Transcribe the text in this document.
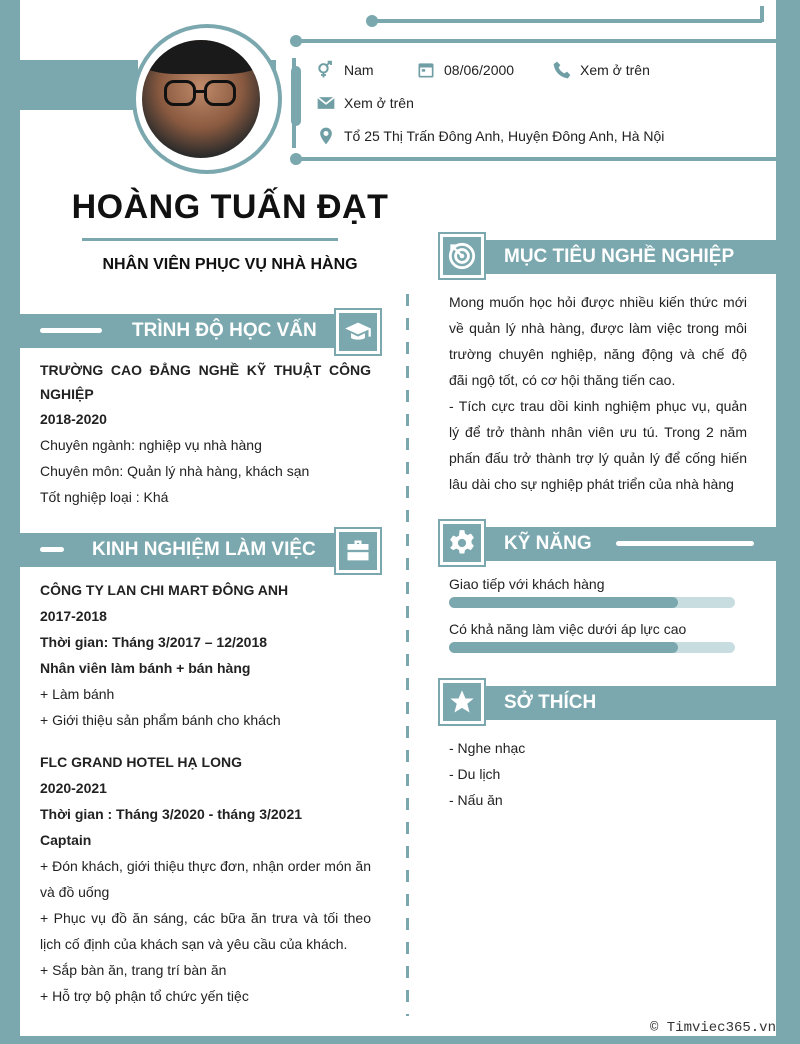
Nam	08/06/2000	Xem ở trên
Xem ở trên
Tổ 25 Thị Trấn Đông Anh, Huyện Đông Anh, Hà Nội
HOÀNG TUẤN ĐẠT
NHÂN VIÊN PHỤC VỤ NHÀ HÀNG
TRÌNH ĐỘ HỌC VẤN
TRƯỜNG CAO ĐẲNG NGHỀ KỸ THUẬT CÔNG NGHIỆP
2018-2020
Chuyên ngành: nghiệp vụ nhà hàng
Chuyên môn: Quản lý nhà hàng, khách sạn
Tốt nghiệp loại : Khá
KINH NGHIỆM LÀM VIỆC
CÔNG TY LAN CHI MART ĐÔNG ANH
2017-2018
Thời gian: Tháng 3/2017 – 12/2018
Nhân viên làm bánh + bán hàng
+ Làm bánh
+ Giới thiệu sản phẩm bánh cho khách
FLC GRAND HOTEL HẠ LONG
2020-2021
Thời gian : Tháng 3/2020 - tháng 3/2021
Captain
+ Đón khách, giới thiệu thực đơn, nhận order món ăn và đồ uống
+ Phục vụ đồ ăn sáng, các bữa ăn trưa và tối theo lịch cố định của khách sạn và yêu cầu của khách.
+ Sắp bàn ăn, trang trí bàn ăn
+ Hỗ trợ bộ phận tổ chức yến tiệc
MỤC TIÊU NGHỀ NGHIỆP
Mong muốn học hỏi được nhiều kiến thức mới về quản lý nhà hàng, được làm việc trong môi trường chuyên nghiệp, năng động và chế độ đãi ngộ tốt, có cơ hội thăng tiến cao.
- Tích cực trau dồi kinh nghiệm phục vụ, quản lý để trở thành nhân viên ưu tú. Trong 2 năm phấn đấu trở thành trợ lý quản lý để cống hiến lâu dài cho sự nghiệp phát triển của nhà hàng
KỸ NĂNG
Giao tiếp với khách hàng
Có khả năng làm việc dưới áp lực cao
SỞ THÍCH
- Nghe nhạc
- Du lịch
- Nấu ăn
© Timviec365.vn
